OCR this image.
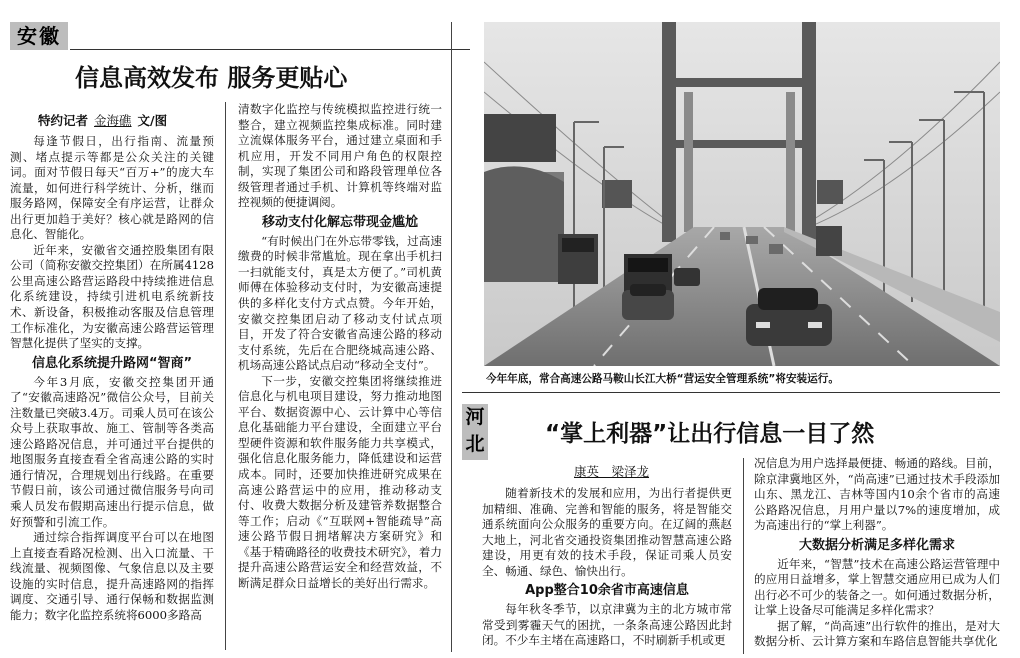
安徽
信息高效发布 服务更贴心
特约记者 金海礁 文/图

每逢节假日，出行指南、流量预测、堵点提示等都是公众关注的关键词。面对节假日每天“百万+”的庞大车流量，如何进行科学统计、分析，继而服务路网，保障安全有序运营，让群众出行更加趋于美好？核心就是路网的信息化、智能化。

近年来，安徽省交通控股集团有限公司（简称安徽交控集团）在所属4128公里高速公路营运路段中持续推进信息化系统建设，持续引进机电系统新技术、新设备，积极推动客服及信息管理工作标准化，为安徽高速公路营运管理智慧化提供了坚实的支撑。

信息化系统提升路网“智商”

今年3月底，安徽交控集团开通了“安徽高速路况”微信公众号，目前关注数量已突破3.4万。司乘人员可在该公众号上获取事故、施工、管制等各类高速公路路况信息，并可通过平台提供的地图服务直接查看全省高速公路的实时通行情况，合理规划出行线路。在重要节假日前，该公司通过微信服务号向司乘人员发布假期高速出行提示信息，做好预警和引流工作。

通过综合指挥调度平台可以在地图上直接查看路况检测、出入口流量、干线流量、视频图像、气象信息以及主要设施的实时信息，提升高速路网的指挥调度、交通引导、通行保畅和数据监测能力；数字化监控系统将6000多路高

清数字化监控与传统模拟监控进行统一整合，建立视频监控集成标准。同时建立流媒体服务平台，通过建立桌面和手机应用，开发不同用户角色的权限控制，实现了集团公司和路段管理单位各级管理者通过手机、计算机等终端对监控视频的便捷调阅。

移动支付化解忘带现金尴尬

“有时候出门在外忘带零钱，过高速缴费的时候非常尴尬。现在拿出手机扫一扫就能支付，真是太方便了。”司机黄师傅在体验移动支付时，为安徽高速提供的多样化支付方式点赞。今年开始，安徽交控集团启动了移动支付试点项目，开发了符合安徽省高速公路的移动支付系统，先后在合肥绕城高速公路、机场高速公路试点启动“移动全支付”。

下一步，安徽交控集团将继续推进信息化与机电项目建设，努力推动地图平台、数据资源中心、云计算中心等信息化基础能力平台建设，全面建立平台型硬件资源和软件服务能力共享模式，强化信息化服务能力，降低建设和运营成本。同时，还要加快推进研究成果在高速公路营运中的应用，推动移动支付、收费大数据分析及建管养数据整合等工作；启动《“互联网+智能疏导”高速公路节假日拥堵解决方案研究》和《基于精确路径的收费技术研究》，着力提升高速公路营运安全和经营效益，不断满足群众日益增长的美好出行需求。

今年年底，常合高速公路马鞍山长江大桥“营运安全管理系统”将安装运行。
河
北	“掌上利器”让出行信息一目了然
康英　梁泽龙

随着新技术的发展和应用，为出行者提供更加精细、准确、完善和智能的服务，将是智能交通系统面向公众服务的重要方向。在辽阔的燕赵大地上，河北省交通投资集团推动智慧高速公路建设，用更有效的技术手段，保证司乘人员安全、畅通、绿色、愉快出行。

App整合10余省市高速信息

每年秋冬季节，以京津冀为主的北方城市常常受到雾霾天气的困扰，一条条高速公路因此封闭。不少车主堵在高速路口，不时刷新手机或更

况信息为用户选择最便捷、畅通的路线。目前，除京津冀地区外，“尚高速”已通过技术手段添加山东、黑龙江、吉林等国内10余个省市的高速公路路况信息，月用户量以7%的速度增加，成为高速出行的“掌上利器”。

大数据分析满足多样化需求

近年来，“智慧”技术在高速公路运营管理中的应用日益增多，掌上智慧交通应用已成为人们出行必不可少的装备之一。如何通过数据分析，让掌上设备尽可能满足多样化需求？

据了解，“尚高速”出行软件的推出，是对大数据分析、云计算方案和车路信息智能共享优化
